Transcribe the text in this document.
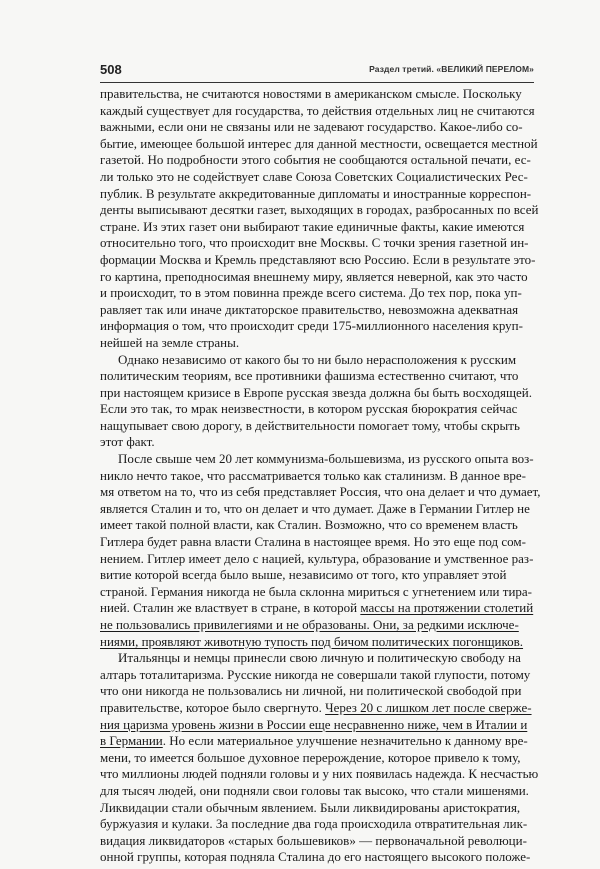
508	Раздел третий. «ВЕЛИКИЙ ПЕРЕЛОМ»
правительства, не считаются новостями в американском смысле. Поскольку
каждый существует для государства, то действия отдельных лиц не считаются
важными, если они не связаны или не задевают государство. Какое-либо со-
бытие, имеющее большой интерес для данной местности, освещается местной
газетой. Но подробности этого события не сообщаются остальной печати, ес-
ли только это не содействует славе Союза Советских Социалистических Рес-
публик. В результате аккредитованные дипломаты и иностранные корреспон-
денты выписывают десятки газет, выходящих в городах, разбросанных по всей
стране. Из этих газет они выбирают такие единичные факты, какие имеются
относительно того, что происходит вне Москвы. С точки зрения газетной ин-
формации Москва и Кремль представляют всю Россию. Если в результате это-
го картина, преподносимая внешнему миру, является неверной, как это часто
и происходит, то в этом повинна прежде всего система. До тех пор, пока уп-
равляет так или иначе диктаторское правительство, невозможна адекватная
информация о том, что происходит среди 175-миллионного населения круп-
нейшей на земле страны.
Однако независимо от какого бы то ни было нерасположения к русским
политическим теориям, все противники фашизма естественно считают, что
при настоящем кризисе в Европе русская звезда должна бы быть восходящей.
Если это так, то мрак неизвестности, в котором русская бюрократия сейчас
нащупывает свою дорогу, в действительности помогает тому, чтобы скрыть
этот факт.
После свыше чем 20 лет коммунизма-большевизма, из русского опыта воз-
никло нечто такое, что рассматривается только как сталинизм. В данное вре-
мя ответом на то, что из себя представляет Россия, что она делает и что думает,
является Сталин и то, что он делает и что думает. Даже в Германии Гитлер не
имеет такой полной власти, как Сталин. Возможно, что со временем власть
Гитлера будет равна власти Сталина в настоящее время. Но это еще под сом-
нением. Гитлер имеет дело с нацией, культура, образование и умственное раз-
витие которой всегда было выше, независимо от того, кто управляет этой
страной. Германия никогда не была склонна мириться с угнетением или тира-
нией. Сталин же властвует в стране, в которой массы на протяжении столетий
не пользовались привилегиями и не образованы. Они, за редкими исключе-
ниями, проявляют животную тупость под бичом политических погонщиков.
Итальянцы и немцы принесли свою личную и политическую свободу на
алтарь тоталитаризма. Русские никогда не совершали такой глупости, потому
что они никогда не пользовались ни личной, ни политической свободой при
правительстве, которое было свергнуто. Через 20 с лишком лет после сверже-
ния царизма уровень жизни в России еще несравненно ниже, чем в Италии и
в Германии. Но если материальное улучшение незначительно к данному вре-
мени, то имеется большое духовное перерождение, которое привело к тому,
что миллионы людей подняли головы и у них появилась надежда. К несчастью
для тысяч людей, они подняли свои головы так высоко, что стали мишенями.
Ликвидации стали обычным явлением. Были ликвидированы аристократия,
буржуазия и кулаки. За последние два года происходила отвратительная лик-
видация ликвидаторов «старых большевиков» — первоначальной революци-
онной группы, которая подняла Сталина до его настоящего высокого положе-
